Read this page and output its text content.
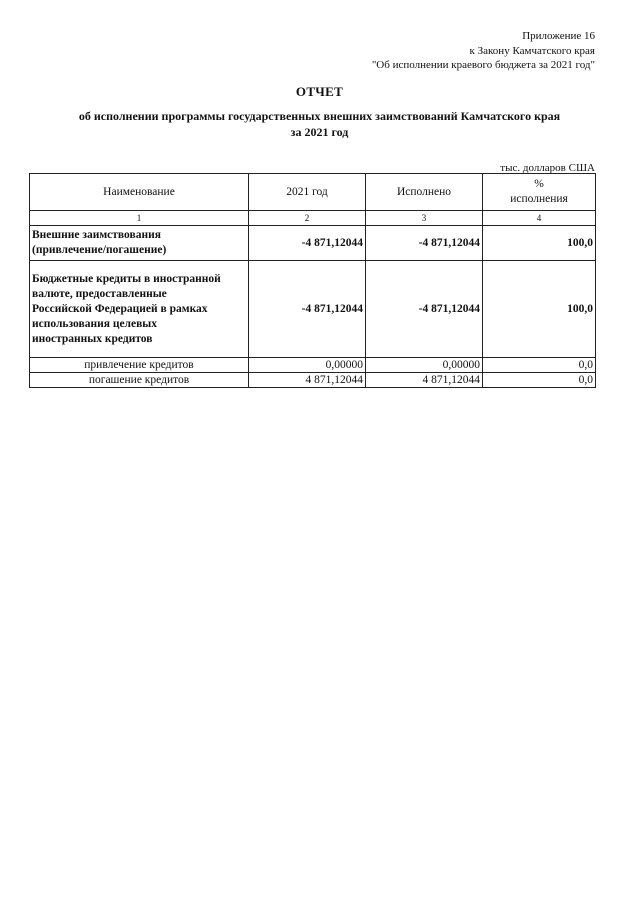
Приложение 16
к Закону Камчатского края
"Об исполнении краевого бюджета за 2021 год"
ОТЧЕТ
об исполнении программы государственных внешних заимствований Камчатского края
за 2021 год
тыс. долларов США
Наименование	2021 год	Исполнено	%
исполнения

1	2	3	4

Внешние заимствования
(привлечение/погашение)	-4 871,12044	-4 871,12044	100,0

Бюджетные кредиты в иностранной
валюте, предоставленные
Российской Федерацией в рамках
использования целевых
иностранных кредитов	-4 871,12044	-4 871,12044	100,0
привлечение кредитов	0,00000	0,00000	0,0
погашение кредитов	4 871,12044	4 871,12044	0,0
